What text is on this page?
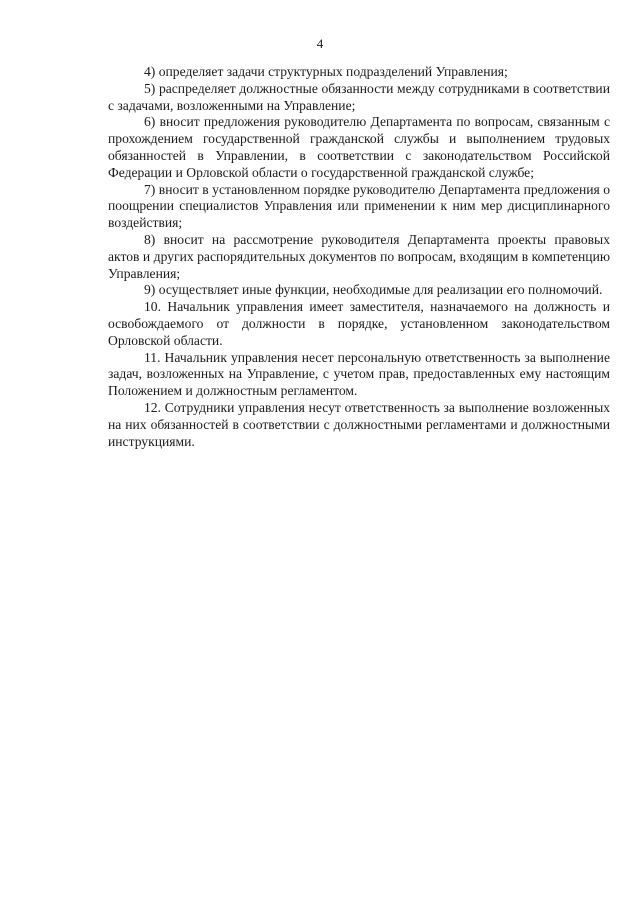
4

4) определяет задачи структурных подразделений Управления;

5) распределяет должностные обязанности между сотрудниками в соответствии с задачами, возложенными на Управление;

6) вносит предложения руководителю Департамента по вопросам, связанным с прохождением государственной гражданской службы и выполнением трудовых обязанностей в Управлении, в соответствии с законодательством Российской Федерации и Орловской области о государственной гражданской службе;

7) вносит в установленном порядке руководителю Департамента предложения о поощрении специалистов Управления или применении к ним мер дисциплинарного воздействия;

8) вносит на рассмотрение руководителя Департамента проекты правовых актов и других распорядительных документов по вопросам, входящим в компетенцию Управления;

9) осуществляет иные функции, необходимые для реализации его полномочий.

10. Начальник управления имеет заместителя, назначаемого на должность и освобождаемого от должности в порядке, установленном законодательством Орловской области.

11. Начальник управления несет персональную ответственность за выполнение задач, возложенных на Управление, с учетом прав, предоставленных ему настоящим Положением и должностным регламентом.

12. Сотрудники управления несут ответственность за выполнение возложенных на них обязанностей в соответствии с должностными регламентами и должностными инструкциями.
